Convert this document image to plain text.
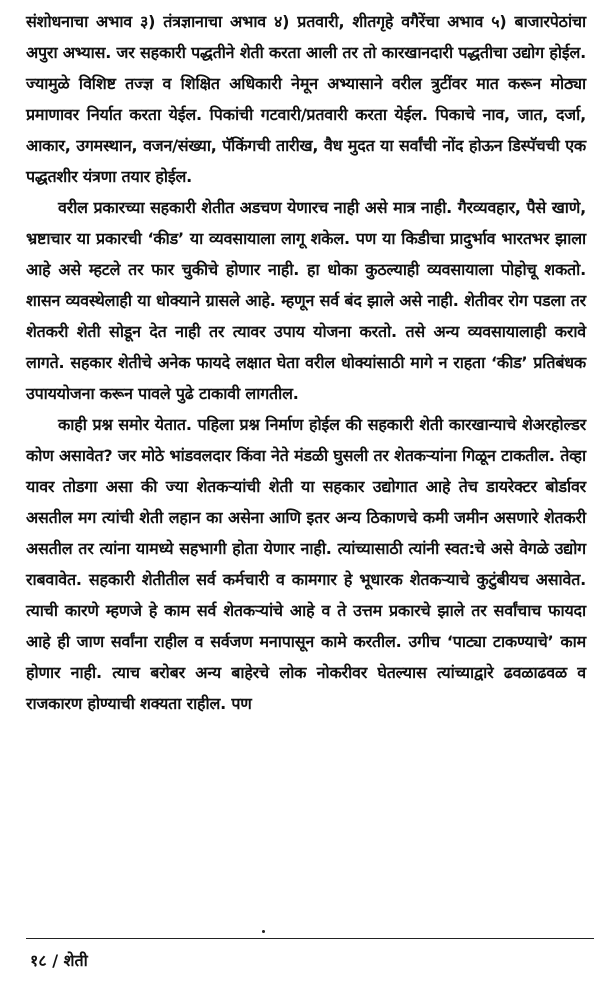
संशोधनाचा अभाव ३) तंत्रज्ञानाचा अभाव ४) प्रतवारी, शीतगृहे वगैरेंचा अभाव ५) बाजारपेठांचा अपुरा अभ्यास. जर सहकारी पद्धतीने शेती करता आली तर तो कारखानदारी पद्धतीचा उद्योग होईल. ज्यामुळे विशिष्ट तज्ज्ञ व शिक्षित अधिकारी नेमून अभ्यासाने वरील त्रुटींवर मात करून मोठ्या प्रमाणावर निर्यात करता येईल. पिकांची गटवारी/प्रतवारी करता येईल. पिकाचे नाव, जात, दर्जा, आकार, उगमस्थान, वजन/संख्या, पॅकिंगची तारीख, वैध मुदत या सर्वांची नोंद होऊन डिस्पॅचची एक पद्धतशीर यंत्रणा तयार होईल.

वरील प्रकारच्या सहकारी शेतीत अडचण येणारच नाही असे मात्र नाही. गैरव्यवहार, पैसे खाणे, भ्रष्टाचार या प्रकारची ‘कीड’ या व्यवसायाला लागू शकेल. पण या किडीचा प्रादुर्भाव भारतभर झाला आहे असे म्हटले तर फार चुकीचे होणार नाही. हा धोका कुठल्याही व्यवसायाला पोहोचू शकतो. शासन व्यवस्थेलाही या धोक्याने ग्रासले आहे. म्हणून सर्व बंद झाले असे नाही. शेतीवर रोग पडला तर शेतकरी शेती सोडून देत नाही तर त्यावर उपाय योजना करतो. तसे अन्य व्यवसायालाही करावे लागते. सहकार शेतीचे अनेक फायदे लक्षात घेता वरील धोक्यांसाठी मागे न राहता ‘कीड’ प्रतिबंधक उपाययोजना करून पावले पुढे टाकावी लागतील.

काही प्रश्न समोर येतात. पहिला प्रश्न निर्माण होईल की सहकारी शेती कारखान्याचे शेअरहोल्डर कोण असावेत? जर मोठे भांडवलदार किंवा नेते मंडळी घुसली तर शेतकऱ्यांना गिळून टाकतील. तेव्हा यावर तोडगा असा की ज्या शेतकऱ्यांची शेती या सहकार उद्योगात आहे तेच डायरेक्टर बोर्डावर असतील मग त्यांची शेती लहान का असेना आणि इतर अन्य ठिकाणचे कमी जमीन असणारे शेतकरी असतील तर त्यांना यामध्ये सहभागी होता येणार नाही. त्यांच्यासाठी त्यांनी स्वत:चे असे वेगळे उद्योग राबवावेत. सहकारी शेतीतील सर्व कर्मचारी व कामगार हे भूधारक शेतकऱ्याचे कुटुंबीयच असावेत. त्याची कारणे म्हणजे हे काम सर्व शेतकऱ्यांचे आहे व ते उत्तम प्रकारचे झाले तर सर्वांचाच फायदा आहे ही जाण सर्वांना राहील व सर्वजण मनापासून कामे करतील. उगीच ‘पाट्या टाकण्याचे’ काम होणार नाही. त्याच बरोबर अन्य बाहेरचे लोक नोकरीवर घेतल्यास त्यांच्याद्वारे ढवळाढवळ व राजकारण होण्याची शक्यता राहील. पण

१८ / शेती
